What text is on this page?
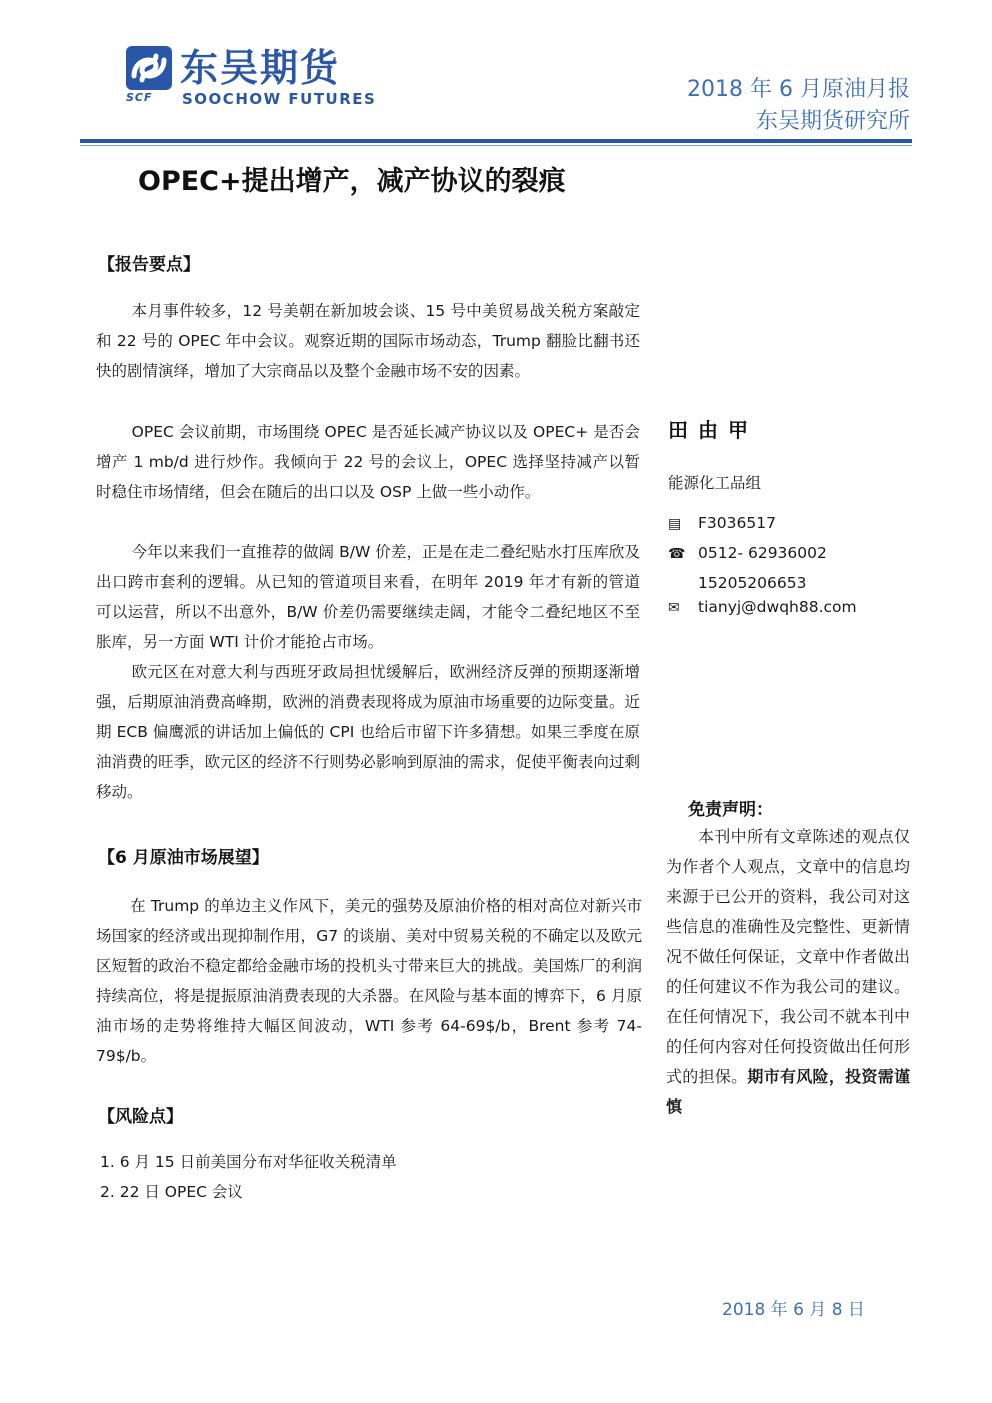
SCF
东吴期货
SOOCHOW FUTURES	2018 年 6 月原油月报
东吴期货研究所
OPEC+提出增产，减产协议的裂痕
【报告要点】
本月事件较多，12 号美朝在新加坡会谈、15 号中美贸易战关税方案敲定和 22 号的 OPEC 年中会议。观察近期的国际市场动态，Trump 翻脸比翻书还快的剧情演绎，增加了大宗商品以及整个金融市场不安的因素。
OPEC 会议前期，市场围绕 OPEC 是否延长减产协议以及 OPEC+ 是否会增产 1 mb/d 进行炒作。我倾向于 22 号的会议上，OPEC 选择坚持减产以暂时稳住市场情绪，但会在随后的出口以及 OSP 上做一些小动作。
今年以来我们一直推荐的做阔 B/W 价差，正是在走二叠纪贴水打压库欣及出口跨市套利的逻辑。从已知的管道项目来看，在明年 2019 年才有新的管道可以运营，所以不出意外，B/W 价差仍需要继续走阔，才能令二叠纪地区不至胀库，另一方面 WTI 计价才能抢占市场。
欧元区在对意大利与西班牙政局担忧缓解后，欧洲经济反弹的预期逐渐增强，后期原油消费高峰期，欧洲的消费表现将成为原油市场重要的边际变量。近期 ECB 偏鹰派的讲话加上偏低的 CPI 也给后市留下许多猜想。如果三季度在原油消费的旺季，欧元区的经济不行则势必影响到原油的需求，促使平衡表向过剩移动。
【6 月原油市场展望】
在 Trump 的单边主义作风下，美元的强势及原油价格的相对高位对新兴市场国家的经济或出现抑制作用，G7 的谈崩、美对中贸易关税的不确定以及欧元区短暂的政治不稳定都给金融市场的投机头寸带来巨大的挑战。美国炼厂的利润持续高位，将是提振原油消费表现的大杀器。在风险与基本面的博弈下，6 月原油市场的走势将维持大幅区间波动，WTI 参考 64-69$/b，Brent 参考 74-79$/b。
【风险点】
1. 6 月 15 日前美国分布对华征收关税清单
2. 22 日 OPEC 会议
田由甲
能源化工品组
▤ F3036517
☎ 0512- 62936002
15205206653
✉ tianyj@dwqh88.com
免责声明：
本刊中所有文章陈述的观点仅为作者个人观点，文章中的信息均来源于已公开的资料，我公司对这些信息的准确性及完整性、更新情况不做任何保证，文章中作者做出的任何建议不作为我公司的建议。在任何情况下，我公司不就本刊中的任何内容对任何投资做出任何形式的担保。期市有风险，投资需谨慎
2018 年 6 月 8 日
